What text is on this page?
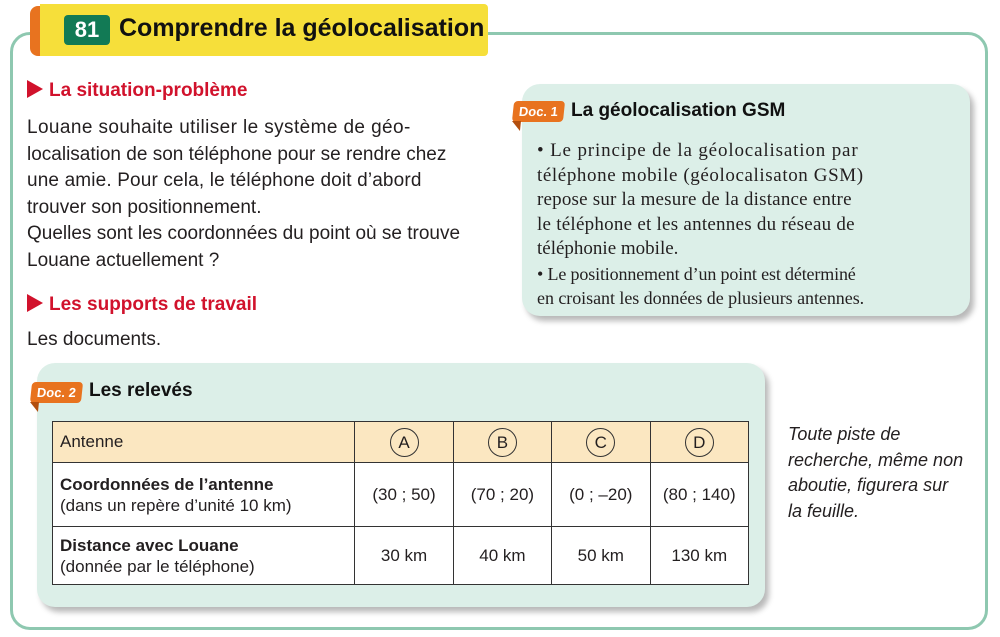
81 Comprendre la géolocalisation
La situation-problème
Louane souhaite utiliser le système de géo-
localisation de son téléphone pour se rendre chez
une amie. Pour cela, le téléphone doit d’abord
trouver son positionnement.
Quelles sont les coordonnées du point où se trouve
Louane actuellement ?
Les supports de travail
Les documents.
Doc. 1 La géolocalisation GSM

• Le principe de la géolocalisation par

téléphone mobile (géolocalisaton GSM)

repose sur la mesure de la distance entre

le téléphone et les antennes du réseau de

téléphonie mobile.

• Le positionnement d’un point est déterminé

en croisant les données de plusieurs antennes.

Doc. 2 Les relevés
Antenne	A	B	C	D
Coordonnées de l’antenne
(dans un repère d’unité 10 km)	(30 ; 50)	(70 ; 20)	(0 ; –20)	(80 ; 140)
Distance avec Louane
(donnée par le téléphone)	30 km	40 km	50 km	130 km
Toute piste de
recherche, même non
aboutie, figurera sur
la feuille.
